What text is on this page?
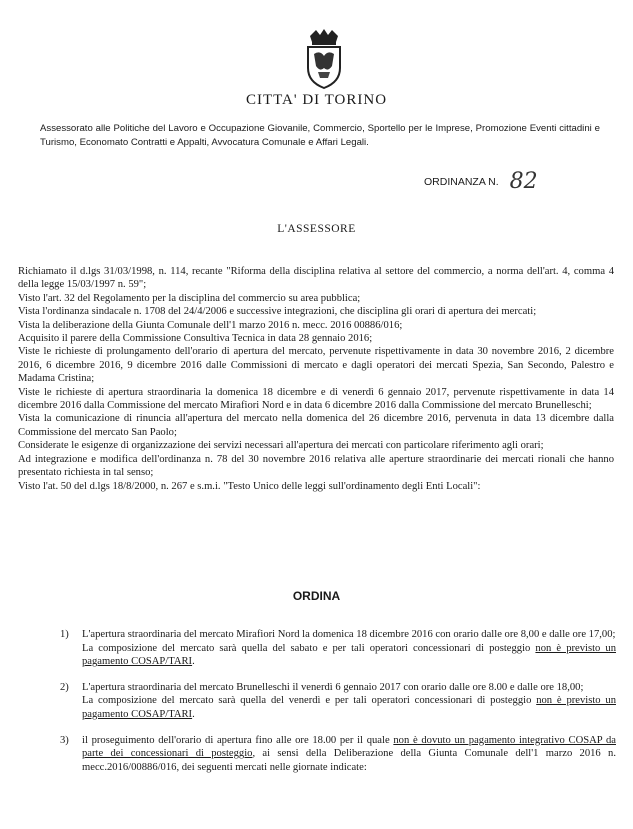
CITTA' DI TORINO
Assessorato alle Politiche del Lavoro e Occupazione Giovanile, Commercio, Sportello per le Imprese, Promozione Eventi cittadini e Turismo, Economato Contratti e Appalti, Avvocatura Comunale e Affari Legali.
ORDINANZA N. 82
L'ASSESSORE

Richiamato il d.lgs 31/03/1998, n. 114, recante "Riforma della disciplina relativa al settore del commercio, a norma dell'art. 4, comma 4 della legge 15/03/1997 n. 59";

Visto l'art. 32 del Regolamento per la disciplina del commercio su area pubblica;

Vista l'ordinanza sindacale n. 1708 del 24/4/2006 e successive integrazioni, che disciplina gli orari di apertura dei mercati;

Vista la deliberazione della Giunta Comunale dell'1 marzo 2016 n. mecc. 2016 00886/016;

Acquisito il parere della Commissione Consultiva Tecnica in data 28 gennaio 2016;

Viste le richieste di prolungamento dell'orario di apertura del mercato, pervenute rispettivamente in data 30 novembre 2016, 2 dicembre 2016, 6 dicembre 2016, 9 dicembre 2016 dalle Commissioni di mercato e dagli operatori dei mercati Spezia, San Secondo, Palestro e Madama Cristina;

Viste le richieste di apertura straordinaria la domenica 18 dicembre e di venerdì 6 gennaio 2017, pervenute rispettivamente in data 14 dicembre 2016 dalla Commissione del mercato Mirafiori Nord e in data 6 dicembre 2016 dalla Commissione del mercato Brunelleschi;

Vista la comunicazione di rinuncia all'apertura del mercato nella domenica del 26 dicembre 2016, pervenuta in data 13 dicembre dalla Commissione del mercato San Paolo;

Considerate le esigenze di organizzazione dei servizi necessari all'apertura dei mercati con particolare riferimento agli orari;

Ad integrazione e modifica dell'ordinanza n. 78 del 30 novembre 2016 relativa alle aperture straordinarie dei mercati rionali che hanno presentato richiesta in tal senso;

Visto l'at. 50 del d.lgs 18/8/2000, n. 267 e s.m.i. "Testo Unico delle leggi sull'ordinamento degli Enti Locali":

ORDINA
1) L'apertura straordinaria del mercato Mirafiori Nord la domenica 18 dicembre 2016 con orario dalle ore 8,00 e dalle ore 17,00;

La composizione del mercato sarà quella del sabato e per tali operatori concessionari di posteggio non è previsto un pagamento COSAP/TARI.

2) L'apertura straordinaria del mercato Brunelleschi il venerdì 6 gennaio 2017 con orario dalle ore 8.00 e dalle ore 18,00;

La composizione del mercato sarà quella del venerdì e per tali operatori concessionari di posteggio non è previsto un pagamento COSAP/TARI.

3) il proseguimento dell'orario di apertura fino alle ore 18.00 per il quale non è dovuto un pagamento integrativo COSAP da parte dei concessionari di posteggio, ai sensi della Deliberazione della Giunta Comunale dell'1 marzo 2016 n. mecc.2016/00886/016, dei seguenti mercati nelle giornate indicate:
